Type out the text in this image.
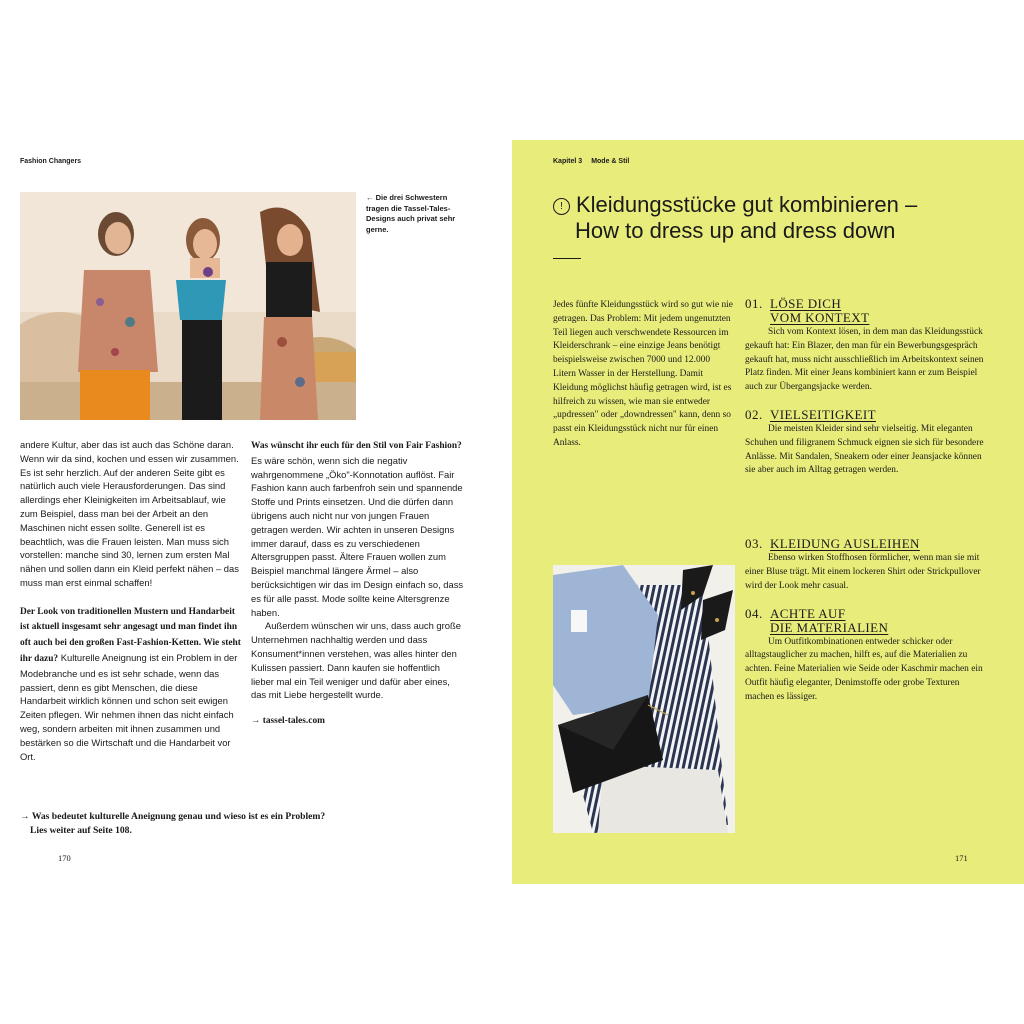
Fashion Changers
← Die drei Schwestern tragen die Tassel-Tales-Designs auch privat sehr gerne.

andere Kultur, aber das ist auch das Schöne daran. Wenn wir da sind, kochen und essen wir zusammen. Es ist sehr herzlich. Auf der anderen Seite gibt es natürlich auch viele Herausforderungen. Das sind allerdings eher Kleinigkeiten im Arbeitsablauf, wie zum Beispiel, dass man bei der Arbeit an den Maschinen nicht essen sollte. Generell ist es beachtlich, was die Frauen leisten. Man muss sich vorstellen: manche sind 30, lernen zum ersten Mal nähen und sollen dann ein Kleid perfekt nähen – das muss man erst einmal schaffen!

Der Look von traditionellen Mustern und Handarbeit ist aktuell insgesamt sehr angesagt und man findet ihn oft auch bei den großen Fast-Fashion-Ketten. Wie steht ihr dazu? Kulturelle Aneignung ist ein Problem in der Modebranche und es ist sehr schade, wenn das passiert, denn es gibt Menschen, die diese Handarbeit wirklich können und schon seit ewigen Zeiten pflegen. Wir nehmen ihnen das nicht einfach weg, sondern arbeiten mit ihnen zusammen und bestärken so die Wirtschaft und die Handarbeit vor Ort.

Was wünscht ihr euch für den Stil von Fair Fashion? Es wäre schön, wenn sich die negativ wahrgenommene „Öko"-Konnotation auflöst. Fair Fashion kann auch farbenfroh sein und spannende Stoffe und Prints einsetzen. Und die dürfen dann übrigens auch nicht nur von jungen Frauen getragen werden. Wir achten in unseren Designs immer darauf, dass es zu verschiedenen Altersgruppen passt. Ältere Frauen wollen zum Beispiel manchmal längere Ärmel – also berücksichtigen wir das im Design einfach so, dass es für alle passt. Mode sollte keine Altersgrenze haben.

Außerdem wünschen wir uns, dass auch große Unternehmen nachhaltig werden und dass Konsument*innen verstehen, was alles hinter den Kulissen passiert. Dann kaufen sie hoffentlich lieber mal ein Teil weniger und dafür aber eines, das mit Liebe hergestellt wurde.

→ tassel-tales.com
→ Was bedeutet kulturelle Aneignung genau und wieso ist es ein Problem?
Lies weiter auf Seite 108.
170
Kapitel 3 Mode & Stil
! Kleidungsstücke gut kombinieren –
How to dress up and dress down
Jedes fünfte Kleidungsstück wird so gut wie nie getragen. Das Problem: Mit jedem ungenutzten Teil liegen auch verschwendete Ressourcen im Kleiderschrank – eine einzige Jeans benötigt beispielsweise zwischen 7000 und 12.000 Litern Wasser in der Herstellung. Damit Kleidung möglichst häufig getragen wird, ist es hilfreich zu wissen, wie man sie entweder „updressen" oder „downdressen" kann, denn so passt ein Kleidungsstück nicht nur für einen Anlass.
01. LÖSE DICH
VOM KONTEXT
Sich vom Kontext lösen, in dem man das Kleidungsstück gekauft hat: Ein Blazer, den man für ein Bewerbungsgespräch gekauft hat, muss nicht ausschließlich im Arbeitskontext seinen Platz finden. Mit einer Jeans kombiniert kann er zum Beispiel auch zur Übergangsjacke werden.
02. VIELSEITIGKEIT
Die meisten Kleider sind sehr vielseitig. Mit eleganten Schuhen und filigranem Schmuck eignen sie sich für besondere Anlässe. Mit Sandalen, Sneakern oder einer Jeansjacke können sie aber auch im Alltag getragen werden.
03. KLEIDUNG AUSLEIHEN
Ebenso wirken Stoffhosen förmlicher, wenn man sie mit einer Bluse trägt. Mit einem lockeren Shirt oder Strickpullover wird der Look mehr casual.
04. ACHTE AUF
DIE MATERIALIEN
Um Outfitkombinationen entweder schicker oder alltagstauglicher zu machen, hilft es, auf die Materialien zu achten. Feine Materialien wie Seide oder Kaschmir machen ein Outfit häufig eleganter, Denimstoffe oder grobe Texturen machen es lässiger.
171
